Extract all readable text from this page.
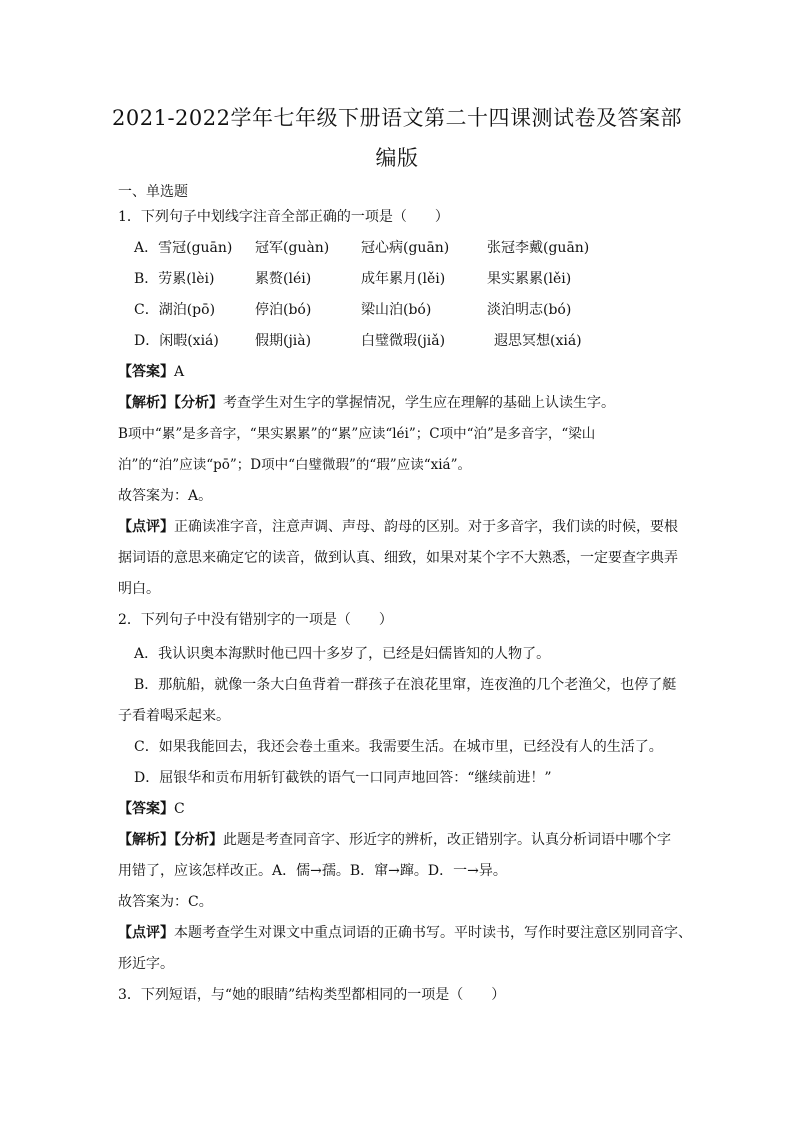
2021-2022学年七年级下册语文第二十四课测试卷及答案部
编版
一、单选题
1．下列句子中划线字注音全部正确的一项是（　　）
A．雪冠(guān) 冠军(guàn) 冠心病(guān)	张冠李戴(guān)
B．劳累(lèi)	累赘(léi)	成年累月(lěi)	果实累累(lěi)
C．湖泊(pō)	停泊(bó)	梁山泊(bó)	淡泊明志(bó)
D．闲暇(xiá)	假期(jià)	白璧微瑕(jiǎ)	遐思冥想(xiá)
【答案】A
【解析】【分析】考查学生对生字的掌握情况，学生应在理解的基础上认读生字。
B项中“累”是多音字，“果实累累”的“累”应读“léi”；C项中“泊”是多音字，“梁山
泊”的“泊”应读“pō”；D项中“白璧微瑕”的“瑕”应读“xiá”。
故答案为：A。
【点评】正确读准字音，注意声调、声母、韵母的区别。对于多音字，我们读的时候，要根
据词语的意思来确定它的读音，做到认真、细致，如果对某个字不大熟悉，一定要查字典弄
明白。
2．下列句子中没有错别字的一项是（　　）
A．我认识奥本海默时他已四十多岁了，已经是妇儒皆知的人物了。
B．那航船，就像一条大白鱼背着一群孩子在浪花里窜，连夜渔的几个老渔父，也停了艇
子看着喝采起来。
C．如果我能回去，我还会卷土重来。我需要生活。在城市里，已经没有人的生活了。
D．屈银华和贡布用斩钉截铁的语气一口同声地回答：“继续前进！”
【答案】C
【解析】【分析】此题是考查同音字、形近字的辨析，改正错别字。认真分析词语中哪个字
用错了，应该怎样改正。A．儒→孺。B．窜→蹿。D．一→异。
故答案为：C。
【点评】本题考查学生对课文中重点词语的正确书写。平时读书，写作时要注意区别同音字、
形近字。
3．下列短语，与“她的眼睛”结构类型都相同的一项是（　　）
